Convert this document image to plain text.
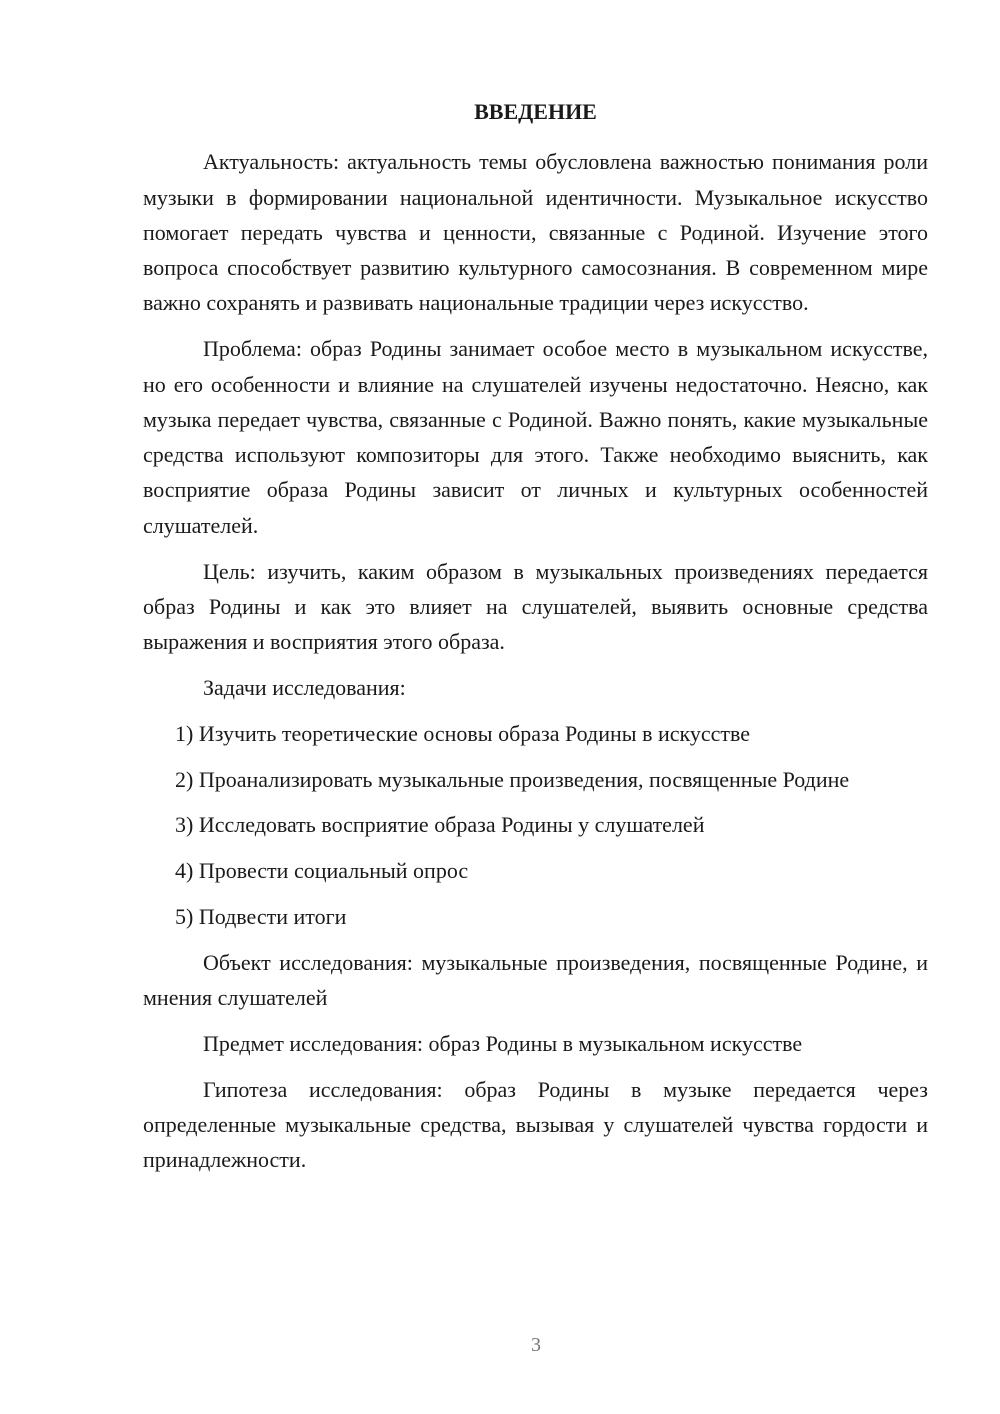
ВВЕДЕНИЕ

Актуальность: актуальность темы обусловлена важностью понимания роли музыки в формировании национальной идентичности. Музыкальное искусство помогает передать чувства и ценности, связанные с Родиной. Изучение этого вопроса способствует развитию культурного самосознания. В современном мире важно сохранять и развивать национальные традиции через искусство.

Проблема: образ Родины занимает особое место в музыкальном искусстве, но его особенности и влияние на слушателей изучены недостаточно. Неясно, как музыка передает чувства, связанные с Родиной. Важно понять, какие музыкальные средства используют композиторы для этого. Также необходимо выяснить, как восприятие образа Родины зависит от личных и культурных особенностей слушателей.

Цель: изучить, каким образом в музыкальных произведениях передается образ Родины и как это влияет на слушателей, выявить основные средства выражения и восприятия этого образа.

Задачи исследования:

1) Изучить теоретические основы образа Родины в искусстве

2) Проанализировать музыкальные произведения, посвященные Родине

3) Исследовать восприятие образа Родины у слушателей

4) Провести социальный опрос

5) Подвести итоги

Объект исследования: музыкальные произведения, посвященные Родине, и мнения слушателей

Предмет исследования: образ Родины в музыкальном искусстве

Гипотеза исследования: образ Родины в музыке передается через определенные музыкальные средства, вызывая у слушателей чувства гордости и принадлежности.

3
